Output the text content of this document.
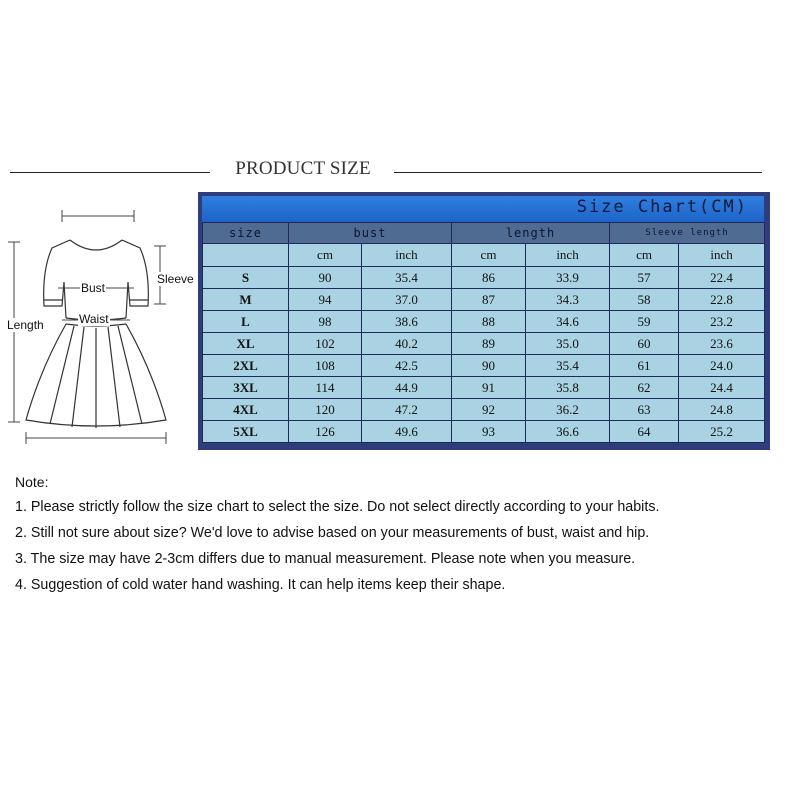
PRODUCT SIZE
Bust
Waist
Sleeve
Length
Size Chart(CM)
size	bust		length		Sleeve length	
	cm	inch	cm	inch	cm	inch
S	90	35.4	86	33.9	57	22.4
M	94	37.0	87	34.3	58	22.8
L	98	38.6	88	34.6	59	23.2
XL	102	40.2	89	35.0	60	23.6
2XL	108	42.5	90	35.4	61	24.0
3XL	114	44.9	91	35.8	62	24.4
4XL	120	47.2	92	36.2	63	24.8
5XL	126	49.6	93	36.6	64	25.2
Note:
1. Please strictly follow the size chart to select the size. Do not select directly according to your habits.
2. Still not sure about size? We'd love to advise based on your measurements of bust, waist and hip.
3. The size may have 2-3cm differs due to manual measurement. Please note when you measure.
4. Suggestion of cold water hand washing. It can help items keep their shape.
